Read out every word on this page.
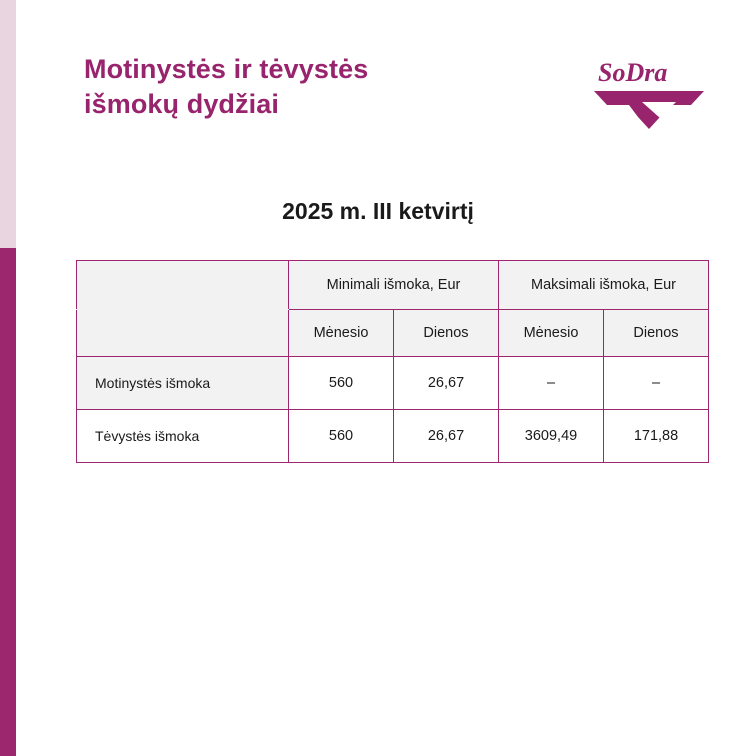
Motinystės ir tėvystės
išmokų dydžiai
SoDra
2025 m. III ketvirtį
	Minimali išmoka, Eur		Maksimali išmoka, Eur	
	Mėnesio	Dienos	Mėnesio	Dienos
Motinystės išmoka	560	26,67	–	–
Tėvystės išmoka	560	26,67	3609,49	171,88
